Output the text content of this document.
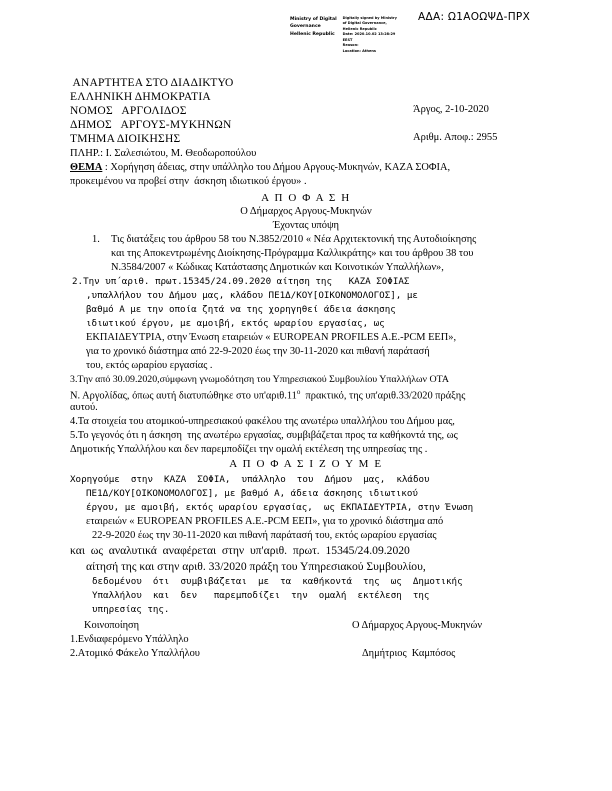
ΑΔΑ: Ω1ΑΟΩΨΔ-ΠΡΧ
Ministry of Digital
Governance
Hellenic Republic
Digitally signed by Ministry
of Digital Governance,
Hellenic Republic
Date: 2020.10.02 13:28:29
EEST
Reason:
Location: Athens
ΑΝΑΡΤΗΤΕΑ ΣΤΟ ΔΙΑΔΙΚΤΥΟ
ΕΛΛΗΝΙΚΗ ΔΗΜΟΚΡΑΤΙΑ
ΝΟΜΟΣ   ΑΡΓΟΛΙΔΟΣ
ΔΗΜΟΣ   ΑΡΓΟΥΣ-ΜΥΚΗΝΩΝ
ΤΜΗΜΑ ΔΙΟΙΚΗΣΗΣ
Άργος, 2-10-2020
Αριθμ. Αποφ.: 2955
ΠΛΗΡ.: Ι. Σαλεσιώτου, Μ. Θεοδωροπούλου
ΘΕΜΑ : Χορήγηση άδειας, στην υπάλληλο του Δήμου Αργους-Μυκηνών, ΚΑΖΑ ΣΟΦΙΑ,
προκειμένου να προβεί στην  άσκηση ιδιωτικού έργου» .
Α Π Ο Φ Α Σ Η
Ο Δήμαρχος Αργους-Μυκηνών
Έχοντας υπόψη
1. Τις διατάξεις του άρθρου 58 του Ν.3852/2010 « Νέα Αρχιτεκτονική της Αυτοδιοίκησης
και της Αποκεντρωμένης Διοίκησης-Πρόγραμμα Καλλικράτης» και του άρθρου 38 του
Ν.3584/2007 « Κώδικας Κατάστασης Δημοτικών και Κοινοτικών Υπαλλήλων»,
2.Την υπ΄αριθ. πρωτ.15345/24.09.2020 αίτηση της   ΚΑΖΑ ΣΟΦΙΑΣ
,υπαλλήλου του Δήμου μας, κλάδου ΠΕ1Δ/ΚΟΥ[ΟΙΚΟΝΟΜΟΛΟΓΟΣ], με
βαθμό Α με την οποία ζητά να της χορηγηθεί άδεια άσκησης
ιδιωτικού έργου, με αμοιβή, εκτός ωραρίου εργασίας, ως
ΕΚΠΑΙΔΕΥΤΡΙΑ, στην Ένωση εταιρειών « EUROPEAN PROFILES A.E.-PCM ΕΕΠ»,
για το χρονικό διάστημα από 22-9-2020 έως την 30-11-2020 και πιθανή παράτασή
του, εκτός ωραρίου εργασίας .
3.Την από 30.09.2020,σύμφωνη γνωμοδότηση του Υπηρεσιακού Συμβουλίου Υπαλλήλων ΟΤΑ
Ν. Αργολίδας, όπως αυτή διατυπώθηκε στο $\upsilon\pi'\alpha\rho\iota\theta.11^o$  πρακτικό, της υπ'αριθ.33/2020 πράξης
αυτού.
4.Τα στοιχεία του ατομικού-υπηρεσιακού φακέλου της ανωτέρω υπαλλήλου του Δήμου μας,
5.Το γεγονός ότι η άσκηση  της ανωτέρω εργασίας, συμβιβάζεται προς τα καθήκοντά της, ως
Δημοτικής Υπαλλήλου και δεν παρεμποδίζει την ομαλή εκτέλεση της υπηρεσίας της .
Α Π Ο Φ Α Σ Ι Ζ Ο Υ Μ Ε
Χορηγούμε  στην  ΚΑΖΑ  ΣΟΦΙΑ,  υπάλληλο  του  Δήμου  μας,  κλάδου
ΠΕ1Δ/ΚΟΥ[ΟΙΚΟΝΟΜΟΛΟΓΟΣ], με βαθμό Α, άδεια άσκησης ιδιωτικού
έργου, με αμοιβή, εκτός ωραρίου εργασίας,  ως ΕΚΠΑΙΔΕΥΤΡΙΑ, στην Ένωση
εταιρειών « EUROPEAN PROFILES A.E.-PCM ΕΕΠ», για το χρονικό διάστημα από
22-9-2020 έως την 30-11-2020 και πιθανή παράτασή του, εκτός ωραρίου εργασίας
και  ως  αναλυτικά  αναφέρεται  στην  υπ'αριθ.  πρωτ.  15345/24.09.2020
αίτησή της και στην αριθ. 33/2020 πράξη του Υπηρεσιακού Συμβουλίου,
δεδομένου  ότι  συμβιβάζεται  με  τα  καθήκοντά  της  ως  Δημοτικής
Υπαλλήλου  και  δεν   παρεμποδίζει  την  ομαλή  εκτέλεση  της
υπηρεσίας της.
Κοινοποίηση	Ο Δήμαρχος Αργους-Μυκηνών
1.Ενδιαφερόμενο Υπάλληλο
2.Ατομικό Φάκελο Υπαλλήλου	Δημήτριος  Καμπόσος
